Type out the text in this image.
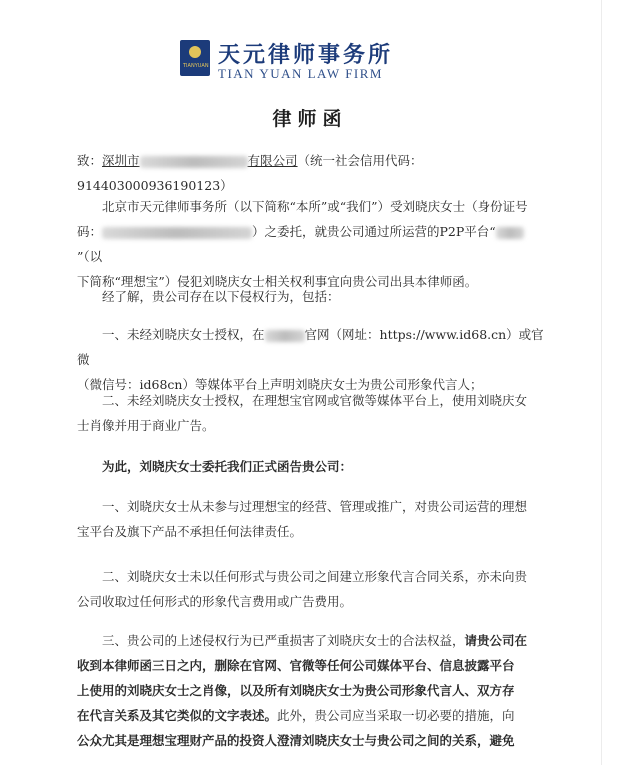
TIANYUAN 天元律师事务所
TIAN YUAN LAW FIRM
律师函
致：深圳市	有限公司（统一社会信用代码：91440300093619012​3）
北京市天元律师事务所（以下简称“本所”或“我们”）受刘晓庆女士（身份证号
码：	）之委托，就贵公司通过所运营的P2P平台“”（以
下简称“理想宝”）侵犯刘晓庆女士相关权利事宜向贵公司出具本律师函。
经了解，贵公司存在以下侵权行为，包括：
一、未经刘晓庆女士授权，在	官网（网址：https://www.id68.cn）或官微
（微信号：id68cn）等媒体平台上声明刘晓庆女士为贵公司形象代言人；
二、未经刘晓庆女士授权，在理想宝官网或官微等媒体平台上，使用刘晓庆女
士肖像并用于商业广告。
为此，刘晓庆女士委托我们正式函告贵公司：
一、刘晓庆女士从未参与过理想宝的经营、管理或推广，对贵公司运营的理想
宝平台及旗下产品不承担任何法律责任。
二、刘晓庆女士未以任何形式与贵公司之间建立形象代言合同关系，亦未向贵
公司收取过任何形式的形象代言费用或广告费用。
三、贵公司的上述侵权行为已严重损害了刘晓庆女士的合法权益，请贵公司在
收到本律师函三日之内，删除在官网、官微等任何公司媒体平台、信息披露平台
上使用的刘晓庆女士之肖像，以及所有刘晓庆女士为贵公司形象代言人、双方存
在代言关系及其它类似的文字表述。此外，贵公司应当采取一切必要的措施，向
公众尤其是理想宝理财产品的投资人澄清刘晓庆女士与贵公司之间的关系，避免
